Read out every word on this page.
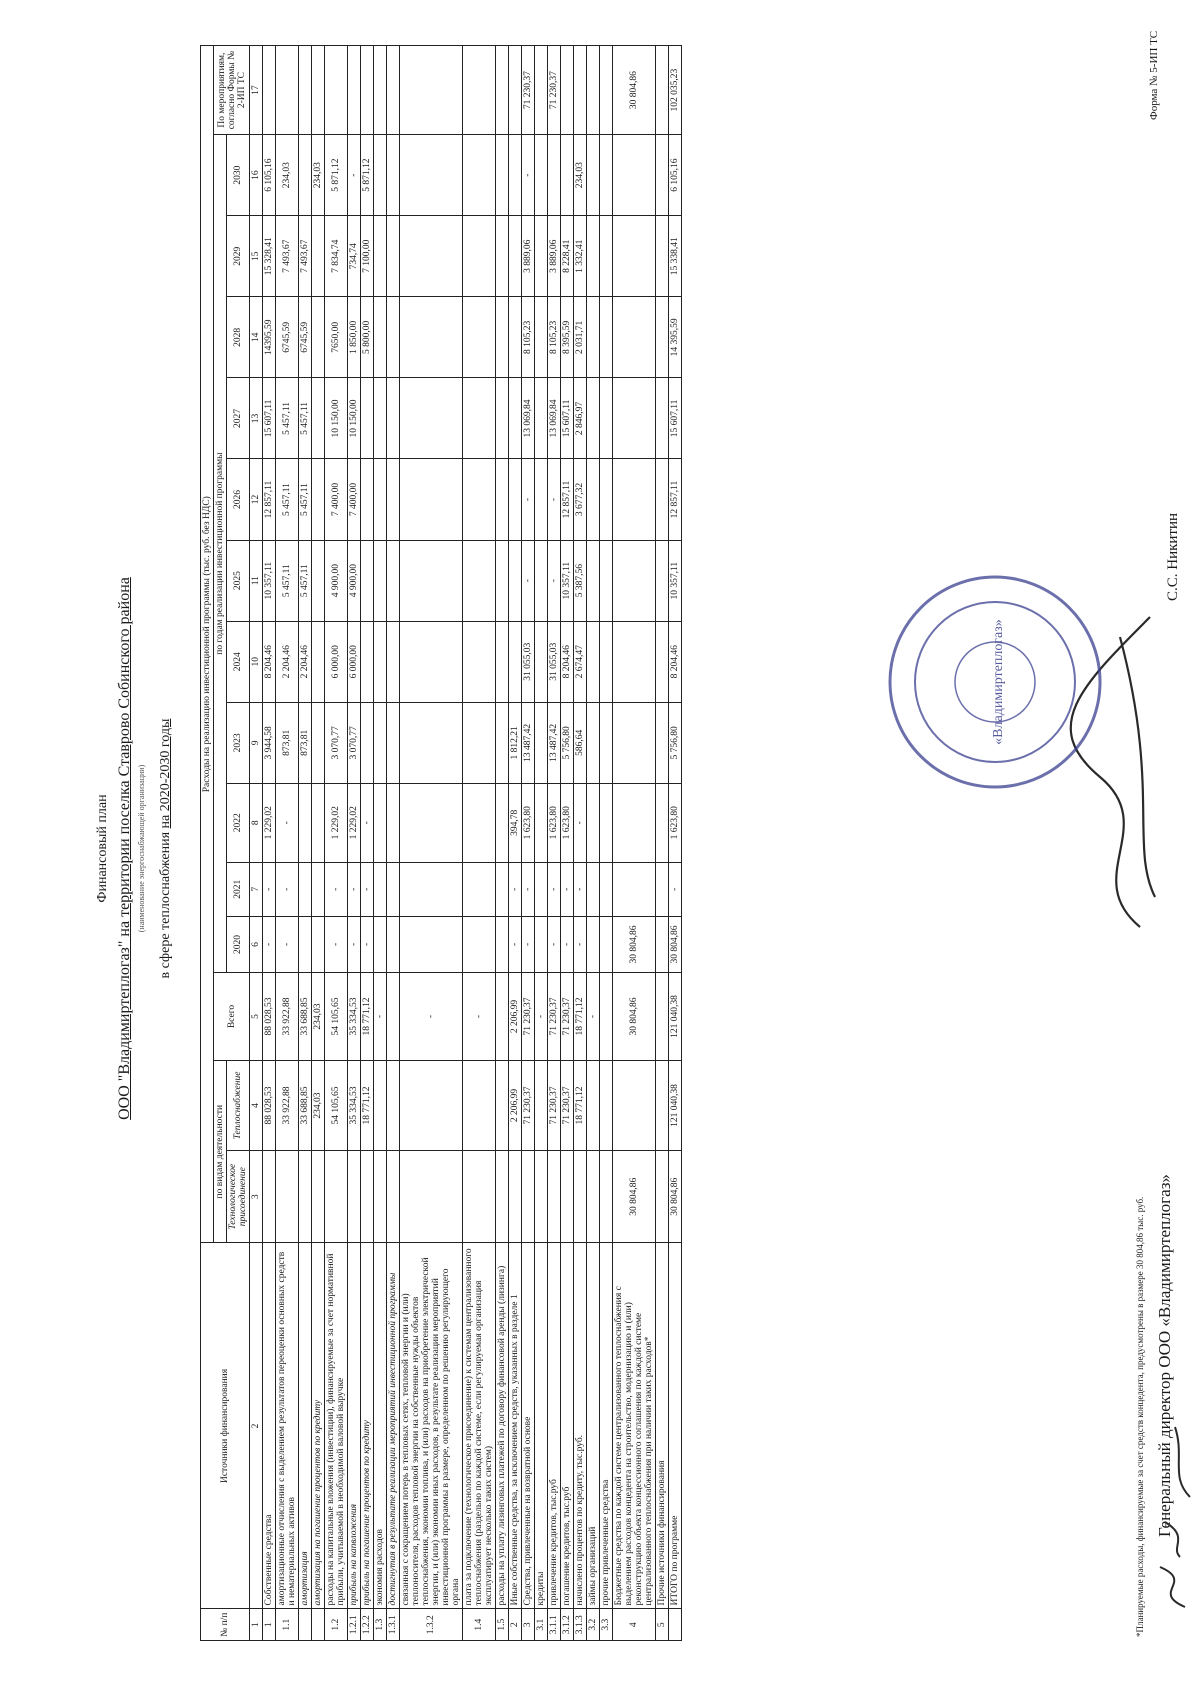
Форма № 5-ИП ТС
Финансовый план ООО "Владимиртеплогаз" на территории поселка Ставрово Собинского района (наименование энергоснабжающей организации) в сфере теплоснабжения на 2020-2030 годы
№ п/п	Источники финансирования	Расходы на реализацию инвестиционной программы (тыс. руб. без НДС)														
		по видам деятельности		Всего	по годам реализации инвестиционной программы											По мероприятиям, согласно Формы № 2-ИП ТС
		Технологическое присоединение	Теплоснабжение		2020	2021	2022	2023	2024	2025	2026	2027	2028	2029	2030	
1	2	3	4	5	6	7	8	9	10	11	12	13	14	15	16	17
1	Собственные средства		88 028,53	88 028,53	-	-	1 229,02	3 944,58	8 204,46	10 357,11	12 857,11	15 607,11	14395,59	15 328,41	6 105,16	
1.1	амортизационные отчисления с выделением результатов переоценки основных средств и нематериальных активов		33 922,88	33 922,88	-	-	-	873,81	2 204,46	5 457,11	5 457,11	5 457,11	6745,59	7 493,67	234,03	
	амортизация		33 688,85	33 688,85				873,81	2 204,46	5 457,11	5 457,11	5 457,11	6745,59	7 493,67		
	амортизация на погашение процентов по кредиту		234,03	234,03											234,03	
1.2	расходы на капитальные вложения (инвестиции), финансируемые за счет нормативной прибыли, учитываемой в необходимой валовой выручке		54 105,65	54 105,65	-	-	1 229,02	3 070,77	6 000,00	4 900,00	7 400,00	10 150,00	7650,00	7 834,74	5 871,12	
1.2.1	прибыль на капвложения		35 334,53	35 334,53	-	-	1 229,02	3 070,77	6 000,00	4 900,00	7 400,00	10 150,00	1 850,00	734,74	-	
1.2.2	прибыль на погашение процентов по кредиту		18 771,12	18 771,12	-	-	-						5 800,00	7 100,00	5 871,12	
1.3	экономия расходов			-												
1.3.1	достигнутая в результате реализации мероприятий инвестиционной программы															
1.3.2	связанная с сокращением потерь в тепловых сетях, тепловой энергии и (или) теплоносителя, расходов тепловой энергии на собственные нужды объектов теплоснабжения, экономии топлива, и (или) расходов на приобретение электрической энергии, и (или) экономии иных расходов, в результате реализации мероприятий инвестиционной программы в размере, определенном по решению регулирующего органа			-												
1.4	плата за подключение (технологическое присоединение) к системам централизованного теплоснабжения (раздельно по каждой системе, если регулируемая организация эксплуатирует несколько таких систем)			-												
1.5	расходы на уплату лизинговых платежей по договору финансовой аренды (лизинга)															
2	Иные собственные средства, за исключением средств, указанных в разделе 1		2 206,99	2 206,99	-	-	394,78	1 812,21								
3	Средства, привлеченные на возвратной основе		71 230,37	71 230,37	-	-	1 623,80	13 487,42	31 055,03	-	-	13 069,84	8 105,23	3 889,06	-	71 230,37
3.1	кредиты			-												
3.1.1	привлечение кредитов, тыс.руб		71 230,37	71 230,37	-	-	1 623,80	13 487,42	31 055,03	-	-	13 069,84	8 105,23	3 889,06		71 230,37
3.1.2	погашение кредитов, тыс.руб		71 230,37	71 230,37	-	-	1 623,80	5 756,80	8 204,46	10 357,11	12 857,11	15 607,11	8 395,59	8 228,41		
3.1.3	начислено процентов по кредиту, тыс.руб.		18 771,12	18 771,12	-	-	-	586,64	2 674,47	5 387,56	3 677,32	2 846,97	2 031,71	1 332,41	234,03	
3.2	займы организаций			-												
3.3	прочие привлеченные средства															
4	Бюджетные средства по каждой системе централизованного теплоснабжения с выделением расходов концедента на строительство, модернизацию и (или) реконструкцию объекта концессионного соглашения по каждой системе централизованного теплоснабжения при наличии таких расходов*	30 804,86		30 804,86	30 804,86											30 804,86
5	Прочие источники финансирования															
	ИТОГО по программе	30 804,86	121 040,38	121 040,38	30 804,86	-	1 623,80	5 756,80	8 204,46	10 357,11	12 857,11	15 607,11	14 395,59	15 338,41	6 105,16	102 035,23
*Планируемые расходы, финансируемые за счет средств концедента, предусмотрены в размере 30 804,86 тыс. руб. Генеральный директор ООО «Владимиртеплогаз»
С.С. Никитин
«Владимиртеплогаз»
